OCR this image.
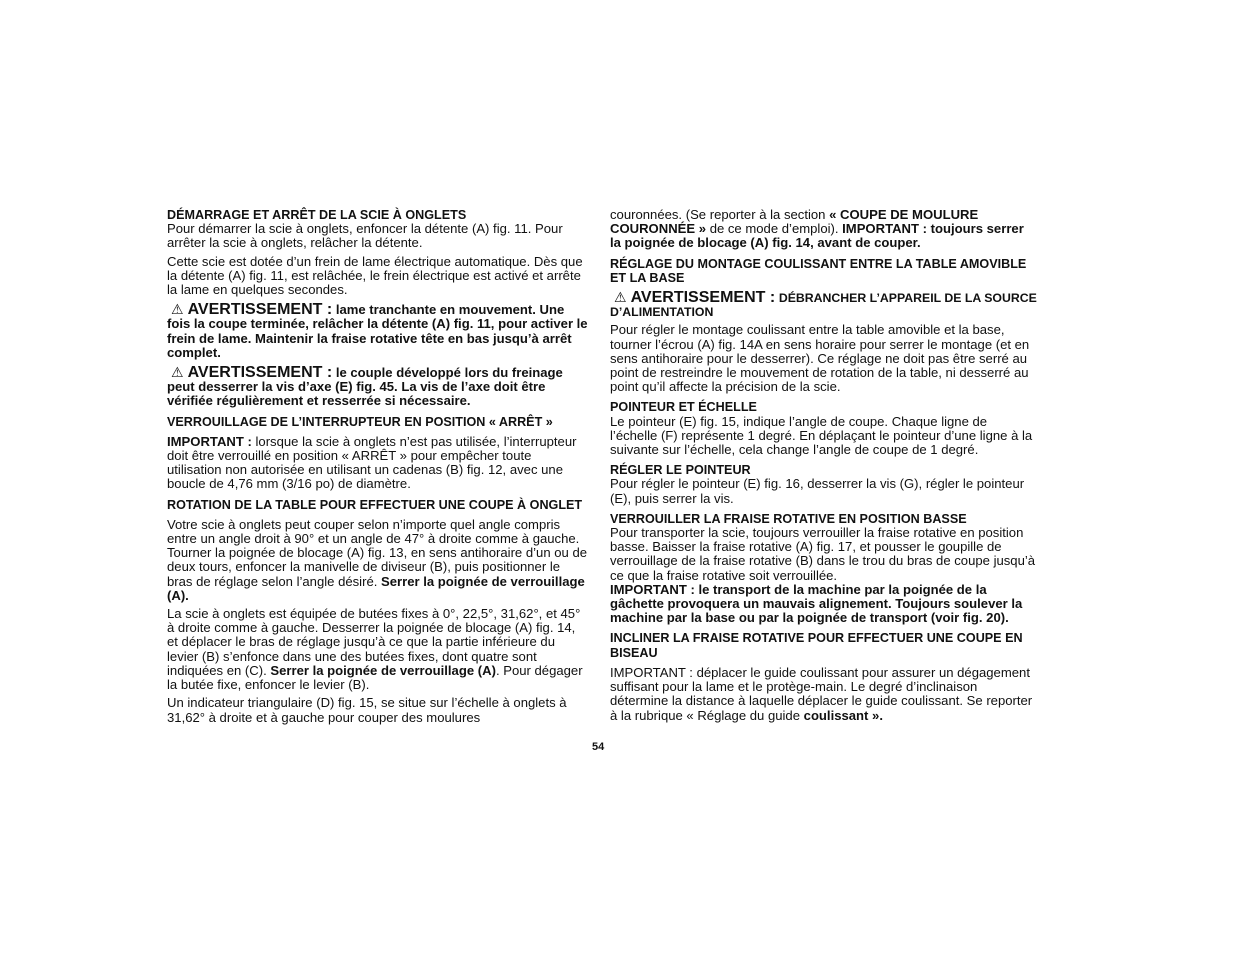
DÉMARRAGE ET ARRÊT DE LA SCIE À ONGLETS

Pour démarrer la scie à onglets, enfoncer la détente (A) fig. 11. Pour arrêter la scie à onglets, relâcher la détente.

Cette scie est dotée d’un frein de lame électrique automatique. Dès que la détente (A) fig. 11, est relâchée, le frein électrique est activé et arrête la lame en quelques secondes.

⚠ AVERTISSEMENT : lame tranchante en mouvement. Une fois la coupe terminée, relâcher la détente (A) fig. 11, pour activer le frein de lame. Maintenir la fraise rotative tête en bas jusqu’à arrêt complet.

⚠ AVERTISSEMENT : le couple développé lors du freinage peut desserrer la vis d’axe (E) fig. 45. La vis de l’axe doit être vérifiée régulièrement et resserrée si nécessaire.

VERROUILLAGE DE L’INTERRUPTEUR EN POSITION « ARRÊT »

IMPORTANT : lorsque la scie à onglets n’est pas utilisée, l’interrupteur doit être verrouillé en position « ARRÊT » pour empêcher toute utilisation non autorisée en utilisant un cadenas (B) fig. 12, avec une boucle de 4,76 mm (3/16 po) de diamètre.

ROTATION DE LA TABLE POUR EFFECTUER UNE COUPE À ONGLET

Votre scie à onglets peut couper selon n’importe quel angle compris entre un angle droit à 90° et un angle de 47° à droite comme à gauche. Tourner la poignée de blocage (A) fig. 13, en sens antihoraire d’un ou de deux tours, enfoncer la manivelle de diviseur (B), puis positionner le bras de réglage selon l’angle désiré. Serrer la poignée de verrouillage (A).

La scie à onglets est équipée de butées fixes à 0°, 22,5°, 31,62°, et 45° à droite comme à gauche. Desserrer la poignée de blocage (A) fig. 14, et déplacer le bras de réglage jusqu’à ce que la partie inférieure du levier (B) s’enfonce dans une des butées fixes, dont quatre sont indiquées en (C). Serrer la poignée de verrouillage (A). Pour dégager la butée fixe, enfoncer le levier (B).

Un indicateur triangulaire (D) fig. 15, se situe sur l’échelle à onglets à 31,62° à droite et à gauche pour couper des moulures

couronnées. (Se reporter à la section « COUPE DE MOULURE COURONNÉE » de ce mode d’emploi). IMPORTANT : toujours serrer la poignée de blocage (A) fig. 14, avant de couper.

RÉGLAGE DU MONTAGE COULISSANT ENTRE LA TABLE AMOVIBLE ET LA BASE

⚠ AVERTISSEMENT : DÉBRANCHER L’APPAREIL DE LA SOURCE D’ALIMENTATION

Pour régler le montage coulissant entre la table amovible et la base, tourner l’écrou (A) fig. 14A en sens horaire pour serrer le montage (et en sens antihoraire pour le desserrer). Ce réglage ne doit pas être serré au point de restreindre le mouvement de rotation de la table, ni desserré au point qu’il affecte la précision de la scie.

POINTEUR ET ÉCHELLE

Le pointeur (E) fig. 15, indique l’angle de coupe. Chaque ligne de l’échelle (F) représente 1 degré. En déplaçant le pointeur d’une ligne à la suivante sur l’échelle, cela change l’angle de coupe de 1 degré.

RÉGLER LE POINTEUR

Pour régler le pointeur (E) fig. 16, desserrer la vis (G), régler le pointeur (E), puis serrer la vis.

VERROUILLER LA FRAISE ROTATIVE EN POSITION BASSE

Pour transporter la scie, toujours verrouiller la fraise rotative en position basse. Baisser la fraise rotative (A) fig. 17, et pousser le goupille de verrouillage de la fraise rotative (B) dans le trou du bras de coupe jusqu’à ce que la fraise rotative soit verrouillée.

IMPORTANT : le transport de la machine par la poignée de la gâchette provoquera un mauvais alignement. Toujours soulever la machine par la base ou par la poignée de transport (voir fig. 20).

INCLINER LA FRAISE ROTATIVE POUR EFFECTUER UNE COUPE EN BISEAU

IMPORTANT : déplacer le guide coulissant pour assurer un dégagement suffisant pour la lame et le protège-main. Le degré d’inclinaison détermine la distance à laquelle déplacer le guide coulissant. Se reporter à la rubrique « Réglage du guide coulissant ».

54
